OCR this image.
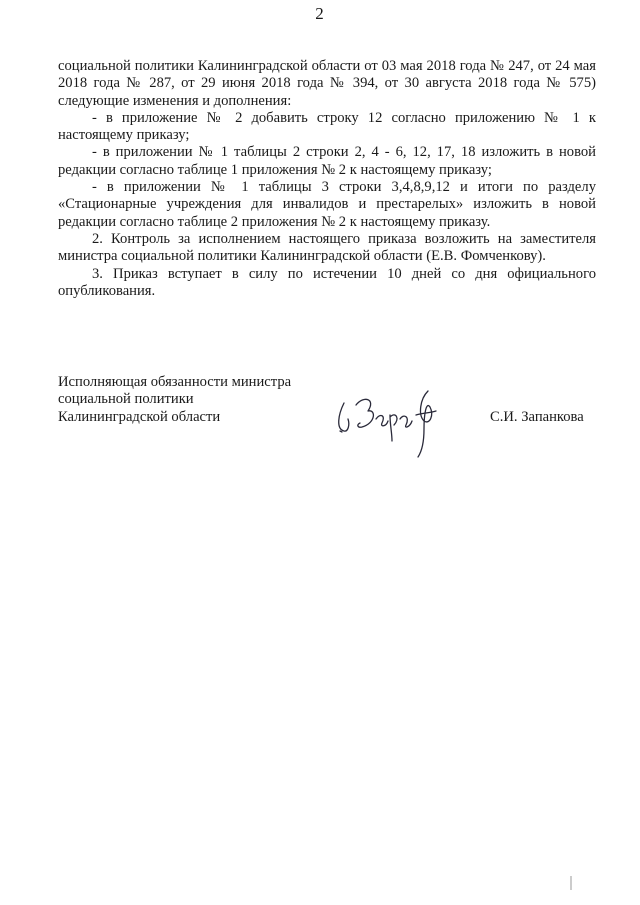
2

социальной политики Калининградской области от 03 мая 2018 года № 247, от 24 мая 2018 года № 287, от 29 июня 2018 года № 394, от 30 августа 2018 года № 575) следующие изменения и дополнения:

- в приложение № 2 добавить строку 12 согласно приложению № 1 к настоящему приказу;

- в приложении № 1 таблицы 2 строки 2, 4 - 6, 12, 17, 18 изложить в новой редакции согласно таблице 1 приложения № 2 к настоящему приказу;

- в приложении № 1 таблицы 3 строки 3,4,8,9,12 и итоги по разделу «Стационарные учреждения для инвалидов и престарелых» изложить в новой редакции согласно таблице 2 приложения № 2 к настоящему приказу.

2. Контроль за исполнением настоящего приказа возложить на заместителя министра социальной политики Калининградской области (Е.В. Фомченкову).

3. Приказ вступает в силу по истечении 10 дней со дня официального опубликования.

Исполняющая обязанности министра
социальной политики
Калининградской области	С.И. Запанкова
